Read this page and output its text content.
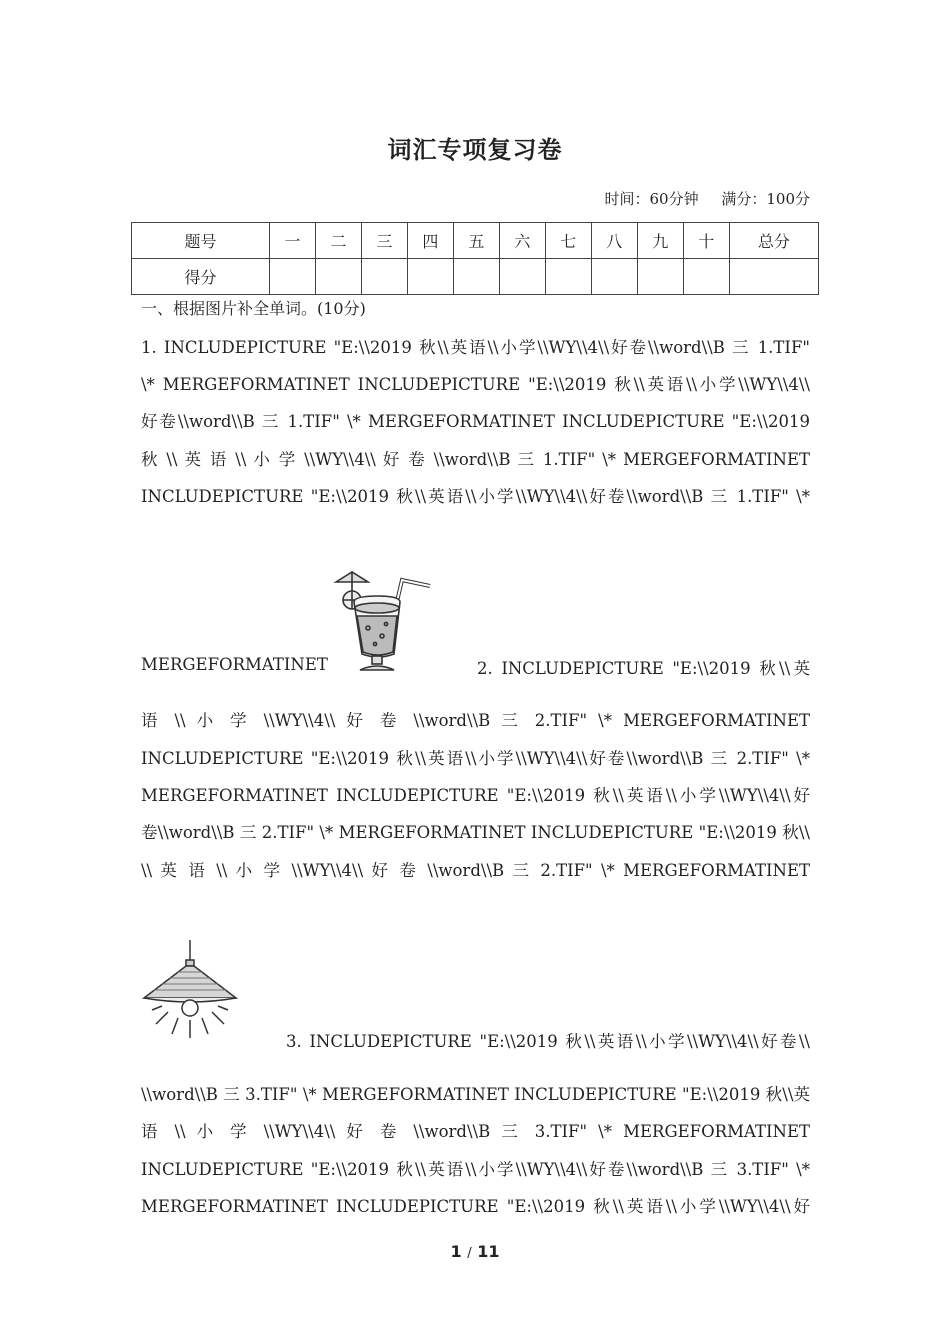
词汇专项复习卷
时间：60分钟 满分：100分
题号	一	二	三	四	五	六	七	八	九	十	总分
得分											
一、根据图片补全单词。(10分)
1. INCLUDEPICTURE "E:\\2019 秋\\英语\\小学\\WY\\4\\好卷\\word\\B 三 1.TIF"
\* MERGEFORMATINET INCLUDEPICTURE "E:\\2019 秋\\英语\\小学\\WY\\4\\
好卷\\word\\B 三 1.TIF" \* MERGEFORMATINET INCLUDEPICTURE "E:\\2019
秋 \\ 英 语 \\ 小 学 \\WY\\4\\ 好 卷 \\word\\B 三 1.TIF" \* MERGEFORMATINET
INCLUDEPICTURE "E:\\2019 秋\\英语\\小学\\WY\\4\\好卷\\word\\B 三 1.TIF" \*
MERGEFORMATINET	2. INCLUDEPICTURE "E:\\2019 秋\\英
语 \\ 小 学 \\WY\\4\\ 好 卷 \\word\\B 三 2.TIF" \* MERGEFORMATINET
INCLUDEPICTURE "E:\\2019 秋\\英语\\小学\\WY\\4\\好卷\\word\\B 三 2.TIF" \*
MERGEFORMATINET INCLUDEPICTURE "E:\\2019 秋\\英语\\小学\\WY\\4\\好
卷\\word\\B 三 2.TIF" \* MERGEFORMATINET INCLUDEPICTURE "E:\\2019 秋\\
\\ 英 语 \\ 小 学 \\WY\\4\\ 好 卷 \\word\\B 三 2.TIF" \* MERGEFORMATINET
3. INCLUDEPICTURE "E:\\2019 秋\\英语\\小学\\WY\\4\\好卷\\
\\word\\B 三 3.TIF" \* MERGEFORMATINET INCLUDEPICTURE "E:\\2019 秋\\英
语 \\ 小 学 \\WY\\4\\ 好 卷 \\word\\B 三 3.TIF" \* MERGEFORMATINET
INCLUDEPICTURE "E:\\2019 秋\\英语\\小学\\WY\\4\\好卷\\word\\B 三 3.TIF" \*
MERGEFORMATINET INCLUDEPICTURE "E:\\2019 秋\\英语\\小学\\WY\\4\\好
1 / 11
